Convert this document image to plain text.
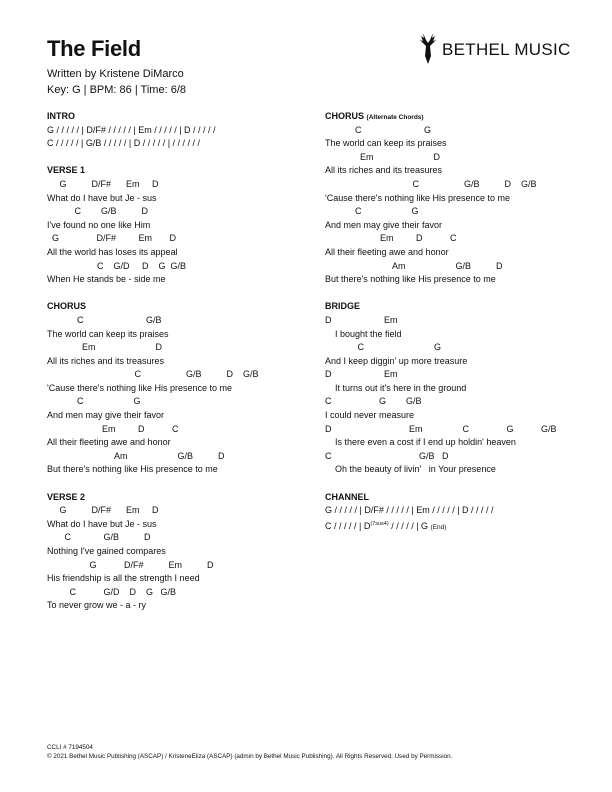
The Field
Written by Kristene DiMarco
Key: G | BPM: 86 | Time: 6/8
BETHEL MUSIC
INTRO
G / / / / / | D/F# / / / / / | Em / / / / / | D / / / / /
C / / / / / | G/B / / / / / | D / / / / / | / / / / / /
VERSE 1
G          D/F#      Em     D
What do I have but Je - sus
C        G/B          D
I've found no one like Him
G               D/F#         Em       D
All the world has loses its appeal
C    G/D     D    G  G/B
When He stands be - side me
CHORUS
C                         G/B
The world can keep its praises
Em                        D
All its riches and its treasures
C                  G/B          D    G/B
'Cause there's nothing like His presence to me
C                    G
And men may give their favor
Em         D           C
All their fleeting awe and honor
Am                    G/B          D
But there's nothing like His presence to me
VERSE 2
G          D/F#      Em     D
What do I have but Je - sus
C             G/B          D
Nothing I've gained compares
G           D/F#          Em          D
His friendship is all the strength I need
C           G/D    D    G   G/B
To never grow we - a - ry
CHORUS (Alternate Chords)
C                         G
The world can keep its praises
Em                        D
All its riches and its treasures
C                  G/B          D    G/B
'Cause there's nothing like His presence to me
C                    G
And men may give their favor
Em         D           C
All their fleeting awe and honor
Am                    G/B          D
But there's nothing like His presence to me
BRIDGE
D                     Em
I bought the field
C                            G
And I keep diggin' up more treasure
D                     Em
It turns out it's here in the ground
C                   G        G/B
I could never measure
D                               Em                C               G           G/B
Is there even a cost if I end up holdin' heaven
C                                   G/B   D
Oh the beauty of livin'   in Your presence
CHANNEL
G / / / / / | D/F# / / / / / | Em / / / / / | D / / / / /
C / / / / / | $D^{(7sus4)}$ / / / / / | G (End)
CCLI # 7194504
© 2021 Bethel Music Publishing (ASCAP) / KristeneEliza (ASCAP) (admin by Bethel Music Publishing). All Rights Reserved. Used by Permission.
